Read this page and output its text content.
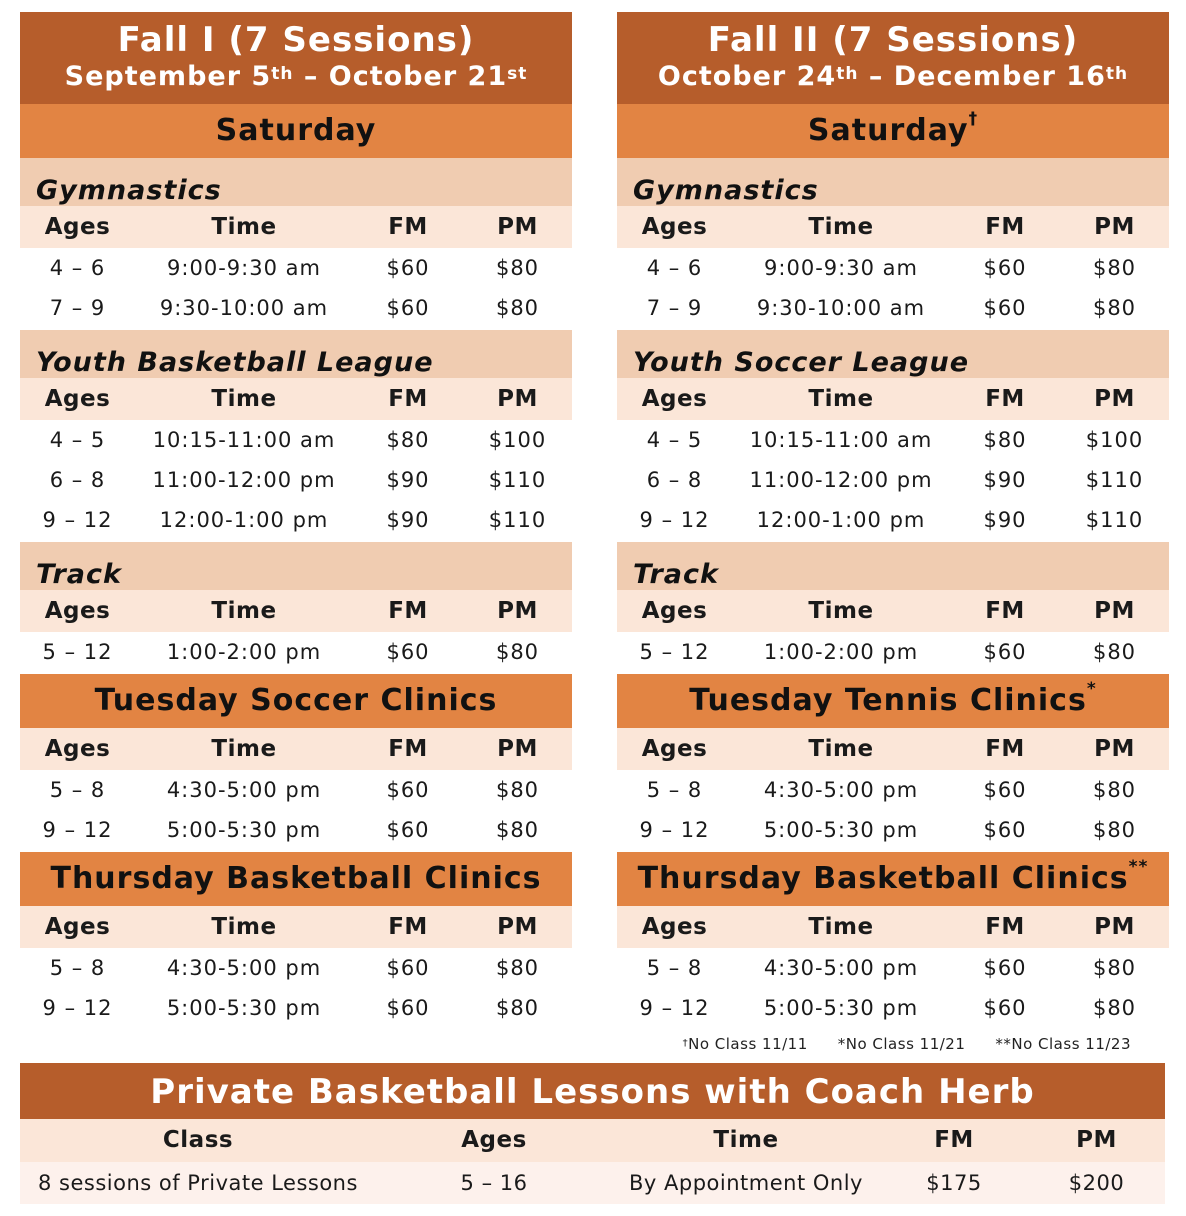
Fall I (7 Sessions)
September 5th – October 21st
Saturday
Gymnastics
Ages	Time	FM	PM
4 – 6	9:00-9:30 am	$60	$80
7 – 9	9:30-10:00 am	$60	$80
Youth Basketball League
Ages	Time	FM	PM
4 – 5	10:15-11:00 am	$80	$100
6 – 8	11:00-12:00 pm	$90	$110
9 – 12	12:00-1:00 pm	$90	$110
Track
Ages	Time	FM	PM
5 – 12	1:00-2:00 pm	$60	$80
Tuesday Soccer Clinics
Ages	Time	FM	PM
5 – 8	4:30-5:00 pm	$60	$80
9 – 12	5:00-5:30 pm	$60	$80
Thursday Basketball Clinics
Ages	Time	FM	PM
5 – 8	4:30-5:00 pm	$60	$80
9 – 12	5:00-5:30 pm	$60	$80
Fall II (7 Sessions)
October 24th – December 16th
Saturday†
Gymnastics
Ages	Time	FM	PM
4 – 6	9:00-9:30 am	$60	$80
7 – 9	9:30-10:00 am	$60	$80
Youth Soccer League
Ages	Time	FM	PM
4 – 5	10:15-11:00 am	$80	$100
6 – 8	11:00-12:00 pm	$90	$110
9 – 12	12:00-1:00 pm	$90	$110
Track
Ages	Time	FM	PM
5 – 12	1:00-2:00 pm	$60	$80
Tuesday Tennis Clinics*
Ages	Time	FM	PM
5 – 8	4:30-5:00 pm	$60	$80
9 – 12	5:00-5:30 pm	$60	$80
Thursday Basketball Clinics**
Ages	Time	FM	PM
5 – 8	4:30-5:00 pm	$60	$80
9 – 12	5:00-5:30 pm	$60	$80
†No Class 11/11 *No Class 11/21 **No Class 11/23
Private Basketball Lessons with Coach Herb
Class	Ages	Time	FM	PM
8 sessions of Private Lessons	5 – 16	By Appointment Only	$175	$200
